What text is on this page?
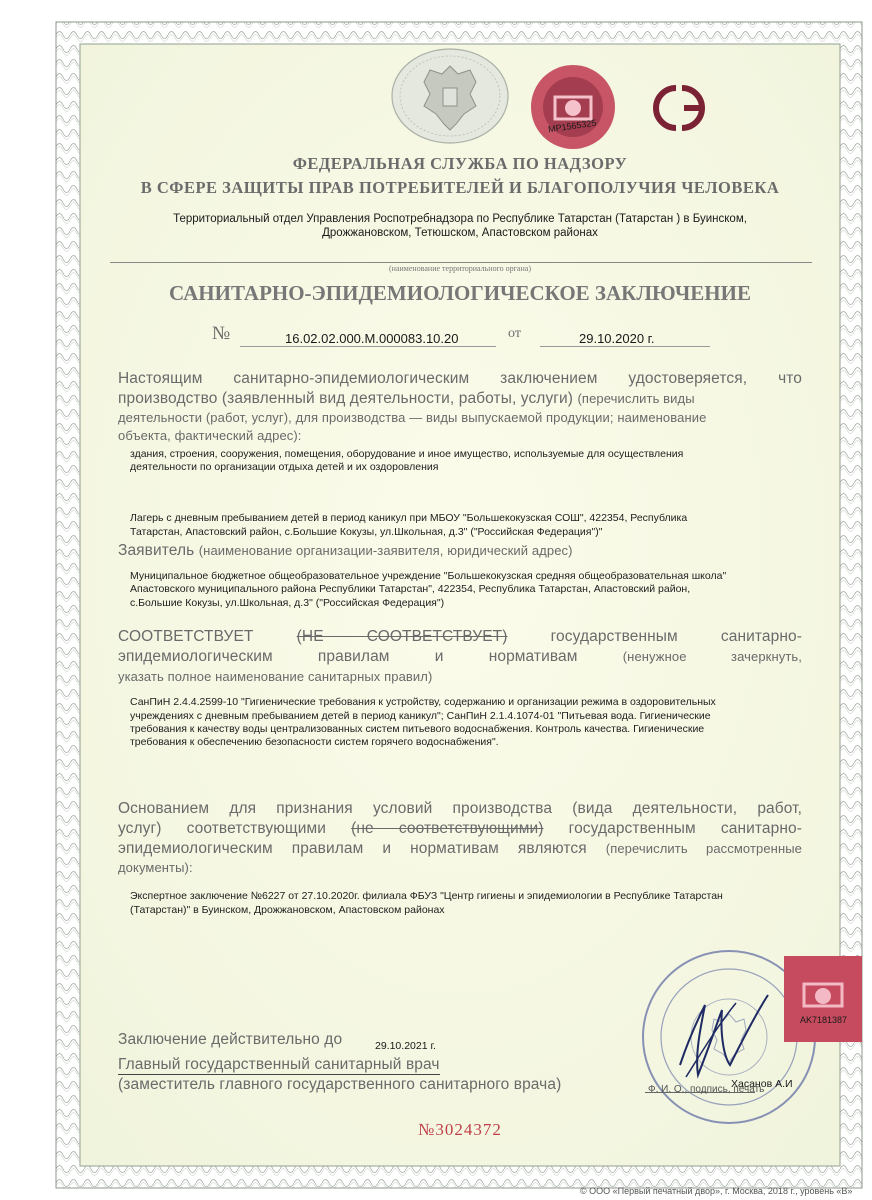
MP1565325
ФЕДЕРАЛЬНАЯ СЛУЖБА ПО НАДЗОРУ
В СФЕРЕ ЗАЩИТЫ ПРАВ ПОТРЕБИТЕЛЕЙ И БЛАГОПОЛУЧИЯ ЧЕЛОВЕКА
Территориальный отдел Управления Роспотребнадзора по Республике Татарстан (Татарстан ) в Буинском,
Дрожжановском, Тетюшском, Апастовском районах
(наименование территориального органа)
САНИТАРНО-ЭПИДЕМИОЛОГИЧЕСКОЕ ЗАКЛЮЧЕНИЕ
№	16.02.02.000.М.000083.10.20	от	29.10.2020 г.
Настоящим санитарно-эпидемиологическим заключением удостоверяется, что
производство (заявленный вид деятельности, работы, услуги) (перечислить виды
деятельности (работ, услуг), для производства — виды выпускаемой продукции; наименование
объекта, фактический адрес):
здания, строения, сооружения, помещения, оборудование и иное имущество, используемые для осуществления
деятельности по организации отдыха детей и их оздоровления
Лагерь с дневным пребыванием детей в период каникул при МБОУ "Большекокузская СОШ", 422354, Республика
Татарстан, Апастовский район, с.Большие Кокузы, ул.Школьная, д.3" ("Российская Федерация")"
Заявитель (наименование организации-заявителя, юридический адрес)
Муниципальное бюджетное общеобразовательное учреждение "Большекокузская средняя общеобразовательная школа"
Апастовского муниципального района Республики Татарстан", 422354, Республика Татарстан, Апастовский район,
с.Большие Кокузы, ул.Школьная, д.3" ("Российская Федерация")
СООТВЕТСТВУЕТ	(НЕ СООТВЕТСТВУЕТ)	государственным санитарно-
эпидемиологическим правилам и нормативам	(ненужное зачеркнуть,
указать полное наименование санитарных правил)
СанПиН 2.4.4.2599-10 "Гигиенические требования к устройству, содержанию и организации режима в оздоровительных
учреждениях с дневным пребыванием детей в период каникул"; СанПиН 2.1.4.1074-01 "Питьевая вода. Гигиенические
требования к качеству воды централизованных систем питьевого водоснабжения. Контроль качества. Гигиенические
требования к обеспечению безопасности систем горячего водоснабжения".
Основанием для признания условий производства (вида деятельности, работ,
услуг) соответствующими (не соответствующими) государственным санитарно-
эпидемиологическим правилам и нормативам являются (перечислить рассмотренные
документы):
Экспертное заключение №6227 от 27.10.2020г. филиала ФБУЗ "Центр гигиены и эпидемиологии в Республике Татарстан
(Татарстан)" в Буинском, Дрожжановском, Апастовском районах
AK7181387
Заключение действительно до	29.10.2021 г.
Главный государственный санитарный врач
(заместитель главного государственного санитарного врача)	Ф. И. О., подпись, печать
Хасанов А.И
№3024372
© ООО «Первый печатный двор», г. Москва, 2018 г., уровень «В»
